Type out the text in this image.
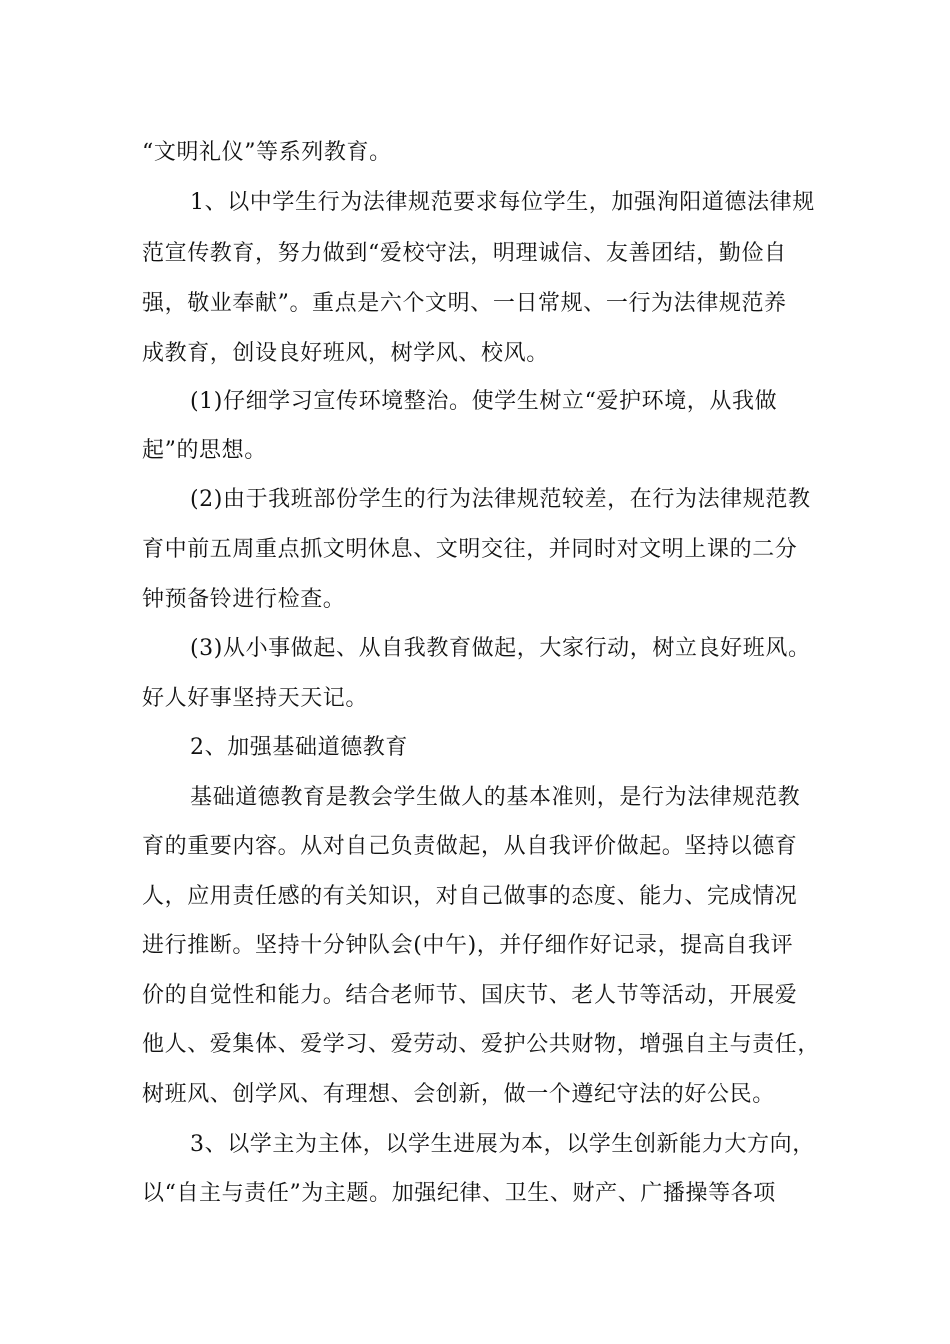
“文明礼仪”等系列教育。
1、以中学生行为法律规范要求每位学生，加强洵阳道德法律规
范宣传教育，努力做到“爱校守法，明理诚信、友善团结，勤俭自
强，敬业奉献”。重点是六个文明、一日常规、一行为法律规范养
成教育，创设良好班风，树学风、校风。
(1)仔细学习宣传环境整治。使学生树立“爱护环境，从我做
起”的思想。
(2)由于我班部份学生的行为法律规范较差，在行为法律规范教
育中前五周重点抓文明休息、文明交往，并同时对文明上课的二分
钟预备铃进行检查。
(3)从小事做起、从自我教育做起，大家行动，树立良好班风。
好人好事坚持天天记。
2、加强基础道德教育
基础道德教育是教会学生做人的基本准则，是行为法律规范教
育的重要内容。从对自己负责做起，从自我评价做起。坚持以德育
人，应用责任感的有关知识，对自己做事的态度、能力、完成情况
进行推断。坚持十分钟队会(中午)，并仔细作好记录，提高自我评
价的自觉性和能力。结合老师节、国庆节、老人节等活动，开展爱
他人、爱集体、爱学习、爱劳动、爱护公共财物，增强自主与责任，
树班风、创学风、有理想、会创新，做一个遵纪守法的好公民。
3、以学主为主体，以学生进展为本，以学生创新能力大方向，
以“自主与责任”为主题。加强纪律、卫生、财产、广播操等各项
